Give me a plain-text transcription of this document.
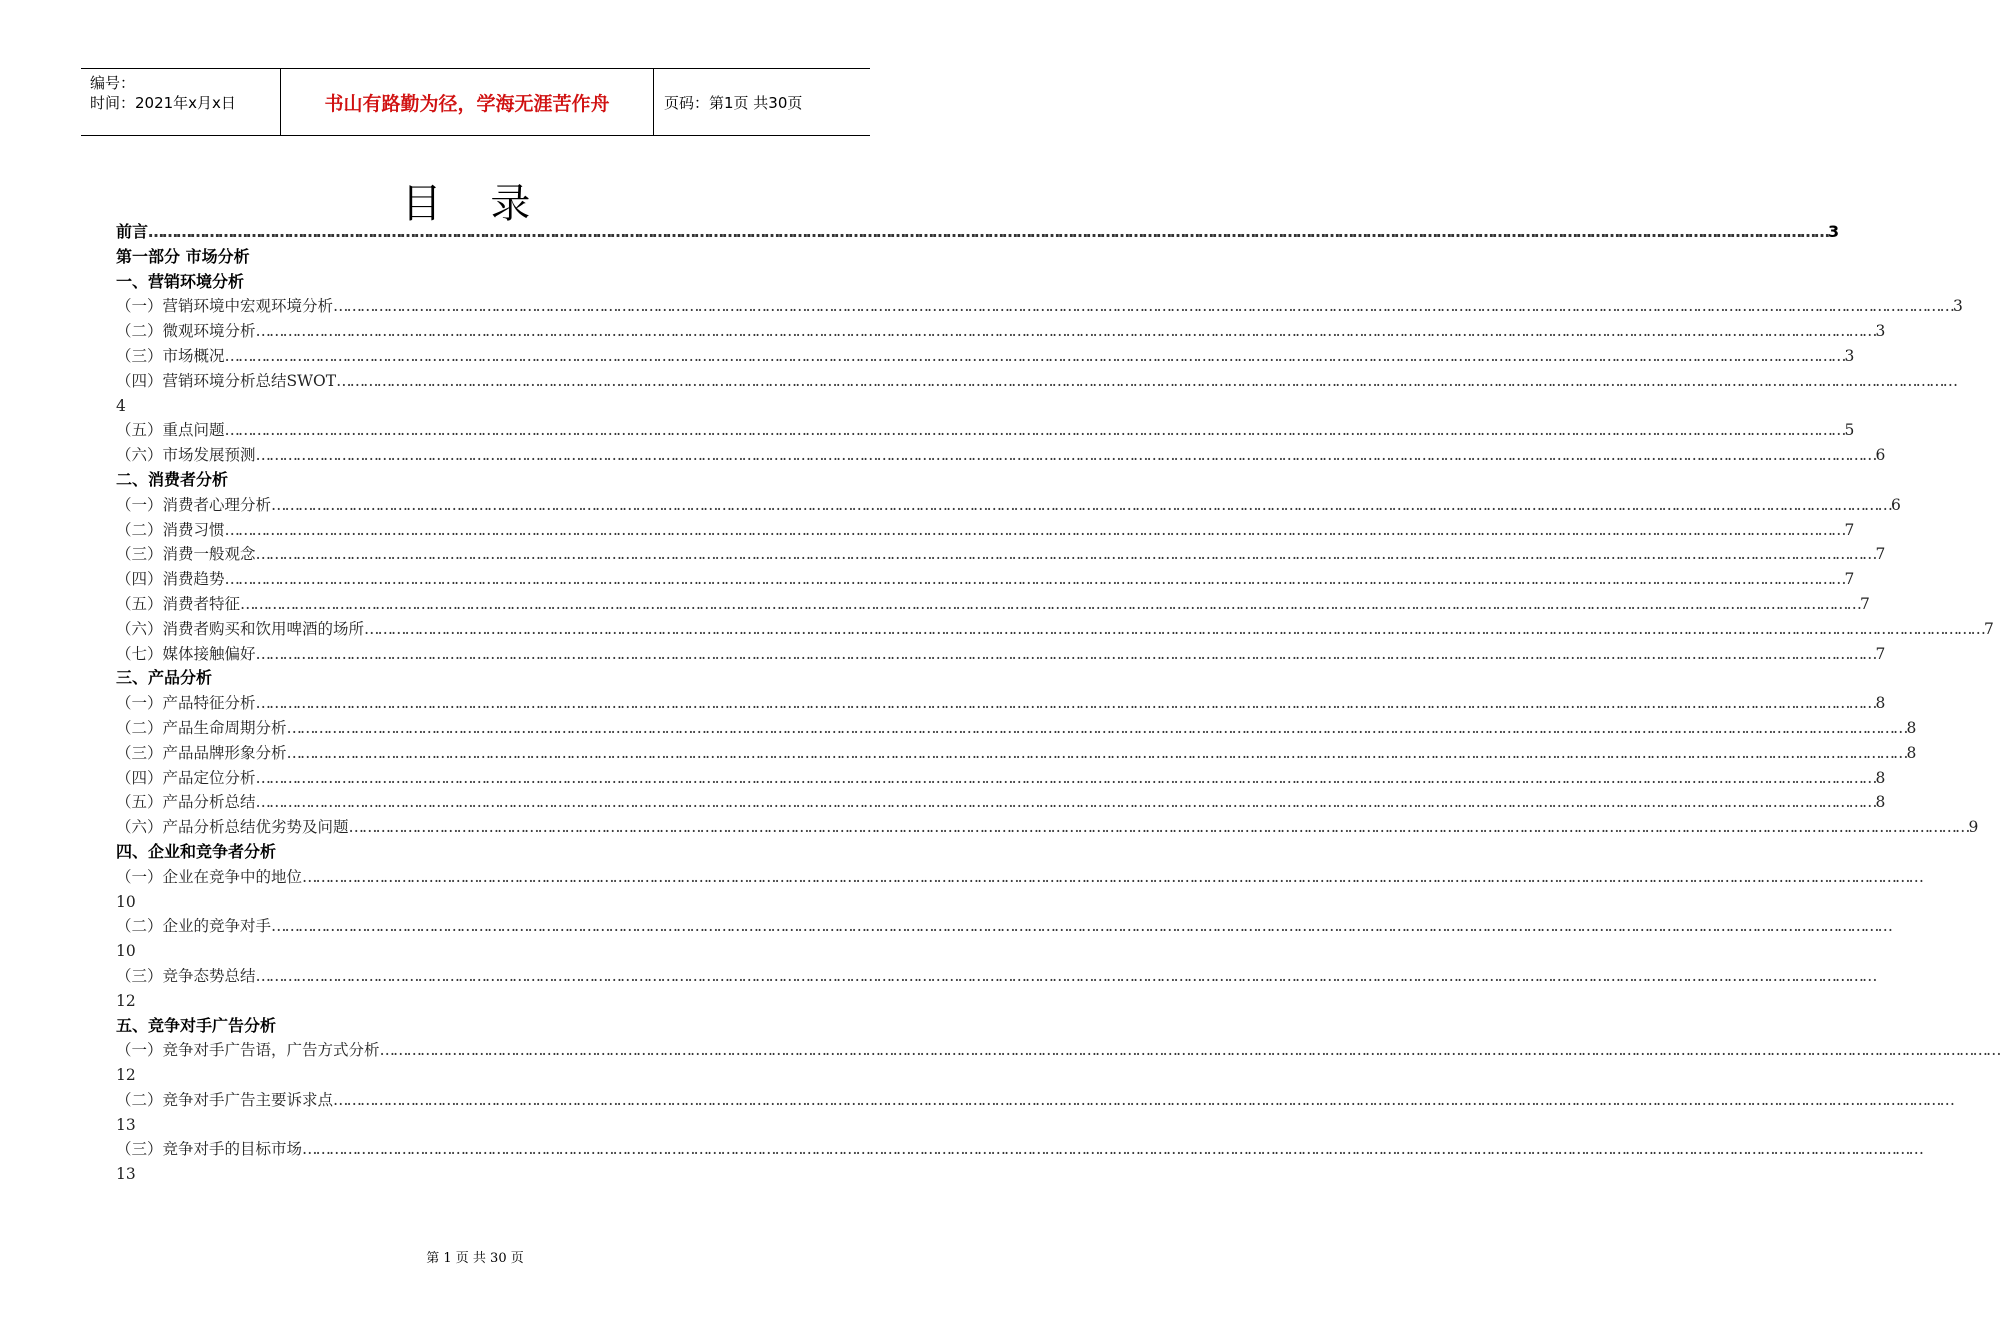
编号：
时间：2021年x月x日	书山有路勤为径，学海无涯苦作舟	页码：第1页 共30页
目 录
前言 ……………………………………………………………………………………………………………………………………………………………………………………………………………………………………………………………………………………………………………………………… 3
第一部分 市场分析
一、营销环境分析
（一）营销环境中宏观环境分析 ……………………………………………………………………………………………………………………………………………………………………………………………………………………………………………………………………………………………………………………………… 3
（二）微观环境分析 ……………………………………………………………………………………………………………………………………………………………………………………………………………………………………………………………………………………………………………………………… 3
（三）市场概况 ……………………………………………………………………………………………………………………………………………………………………………………………………………………………………………………………………………………………………………………………… 3
（四）营销环境分析总结SWOT ………………………………………………………………………………………………………………………………………………………………………………………………………………………………………………………………………………………………………………………………
4
（五）重点问题 ……………………………………………………………………………………………………………………………………………………………………………………………………………………………………………………………………………………………………………………………… 5
（六）市场发展预测 ……………………………………………………………………………………………………………………………………………………………………………………………………………………………………………………………………………………………………………………………… 6
二、消费者分析
（一）消费者心理分析 ……………………………………………………………………………………………………………………………………………………………………………………………………………………………………………………………………………………………………………………………… 6
（二）消费习惯 ……………………………………………………………………………………………………………………………………………………………………………………………………………………………………………………………………………………………………………………………… 7
（三）消费一般观念 ……………………………………………………………………………………………………………………………………………………………………………………………………………………………………………………………………………………………………………………………… 7
（四）消费趋势 ……………………………………………………………………………………………………………………………………………………………………………………………………………………………………………………………………………………………………………………………… 7
（五）消费者特征 ……………………………………………………………………………………………………………………………………………………………………………………………………………………………………………………………………………………………………………………………… 7
（六）消费者购买和饮用啤酒的场所 ……………………………………………………………………………………………………………………………………………………………………………………………………………………………………………………………………………………………………………………………… 7
（七）媒体接触偏好 ……………………………………………………………………………………………………………………………………………………………………………………………………………………………………………………………………………………………………………………………… 7
三、产品分析
（一）产品特征分析 ……………………………………………………………………………………………………………………………………………………………………………………………………………………………………………………………………………………………………………………………… 8
（二）产品生命周期分析 ……………………………………………………………………………………………………………………………………………………………………………………………………………………………………………………………………………………………………………………………… 8
（三）产品品牌形象分析 ……………………………………………………………………………………………………………………………………………………………………………………………………………………………………………………………………………………………………………………………… 8
（四）产品定位分析 ……………………………………………………………………………………………………………………………………………………………………………………………………………………………………………………………………………………………………………………………… 8
（五）产品分析总结 ……………………………………………………………………………………………………………………………………………………………………………………………………………………………………………………………………………………………………………………………… 8
（六）产品分析总结优劣势及问题 ……………………………………………………………………………………………………………………………………………………………………………………………………………………………………………………………………………………………………………………………… 9
四、企业和竞争者分析
（一）企业在竞争中的地位 ………………………………………………………………………………………………………………………………………………………………………………………………………………………………………………………………………………………………………………………………
10
（二）企业的竞争对手 ………………………………………………………………………………………………………………………………………………………………………………………………………………………………………………………………………………………………………………………………
10
（三）竞争态势总结 ………………………………………………………………………………………………………………………………………………………………………………………………………………………………………………………………………………………………………………………………
12
五、竞争对手广告分析
（一）竞争对手广告语，广告方式分析 ………………………………………………………………………………………………………………………………………………………………………………………………………………………………………………………………………………………………………………………………
12
（二）竞争对手广告主要诉求点 ………………………………………………………………………………………………………………………………………………………………………………………………………………………………………………………………………………………………………………………………
13
（三）竞争对手的目标市场 ………………………………………………………………………………………………………………………………………………………………………………………………………………………………………………………………………………………………………………………………
13
第 1 页 共 30 页
